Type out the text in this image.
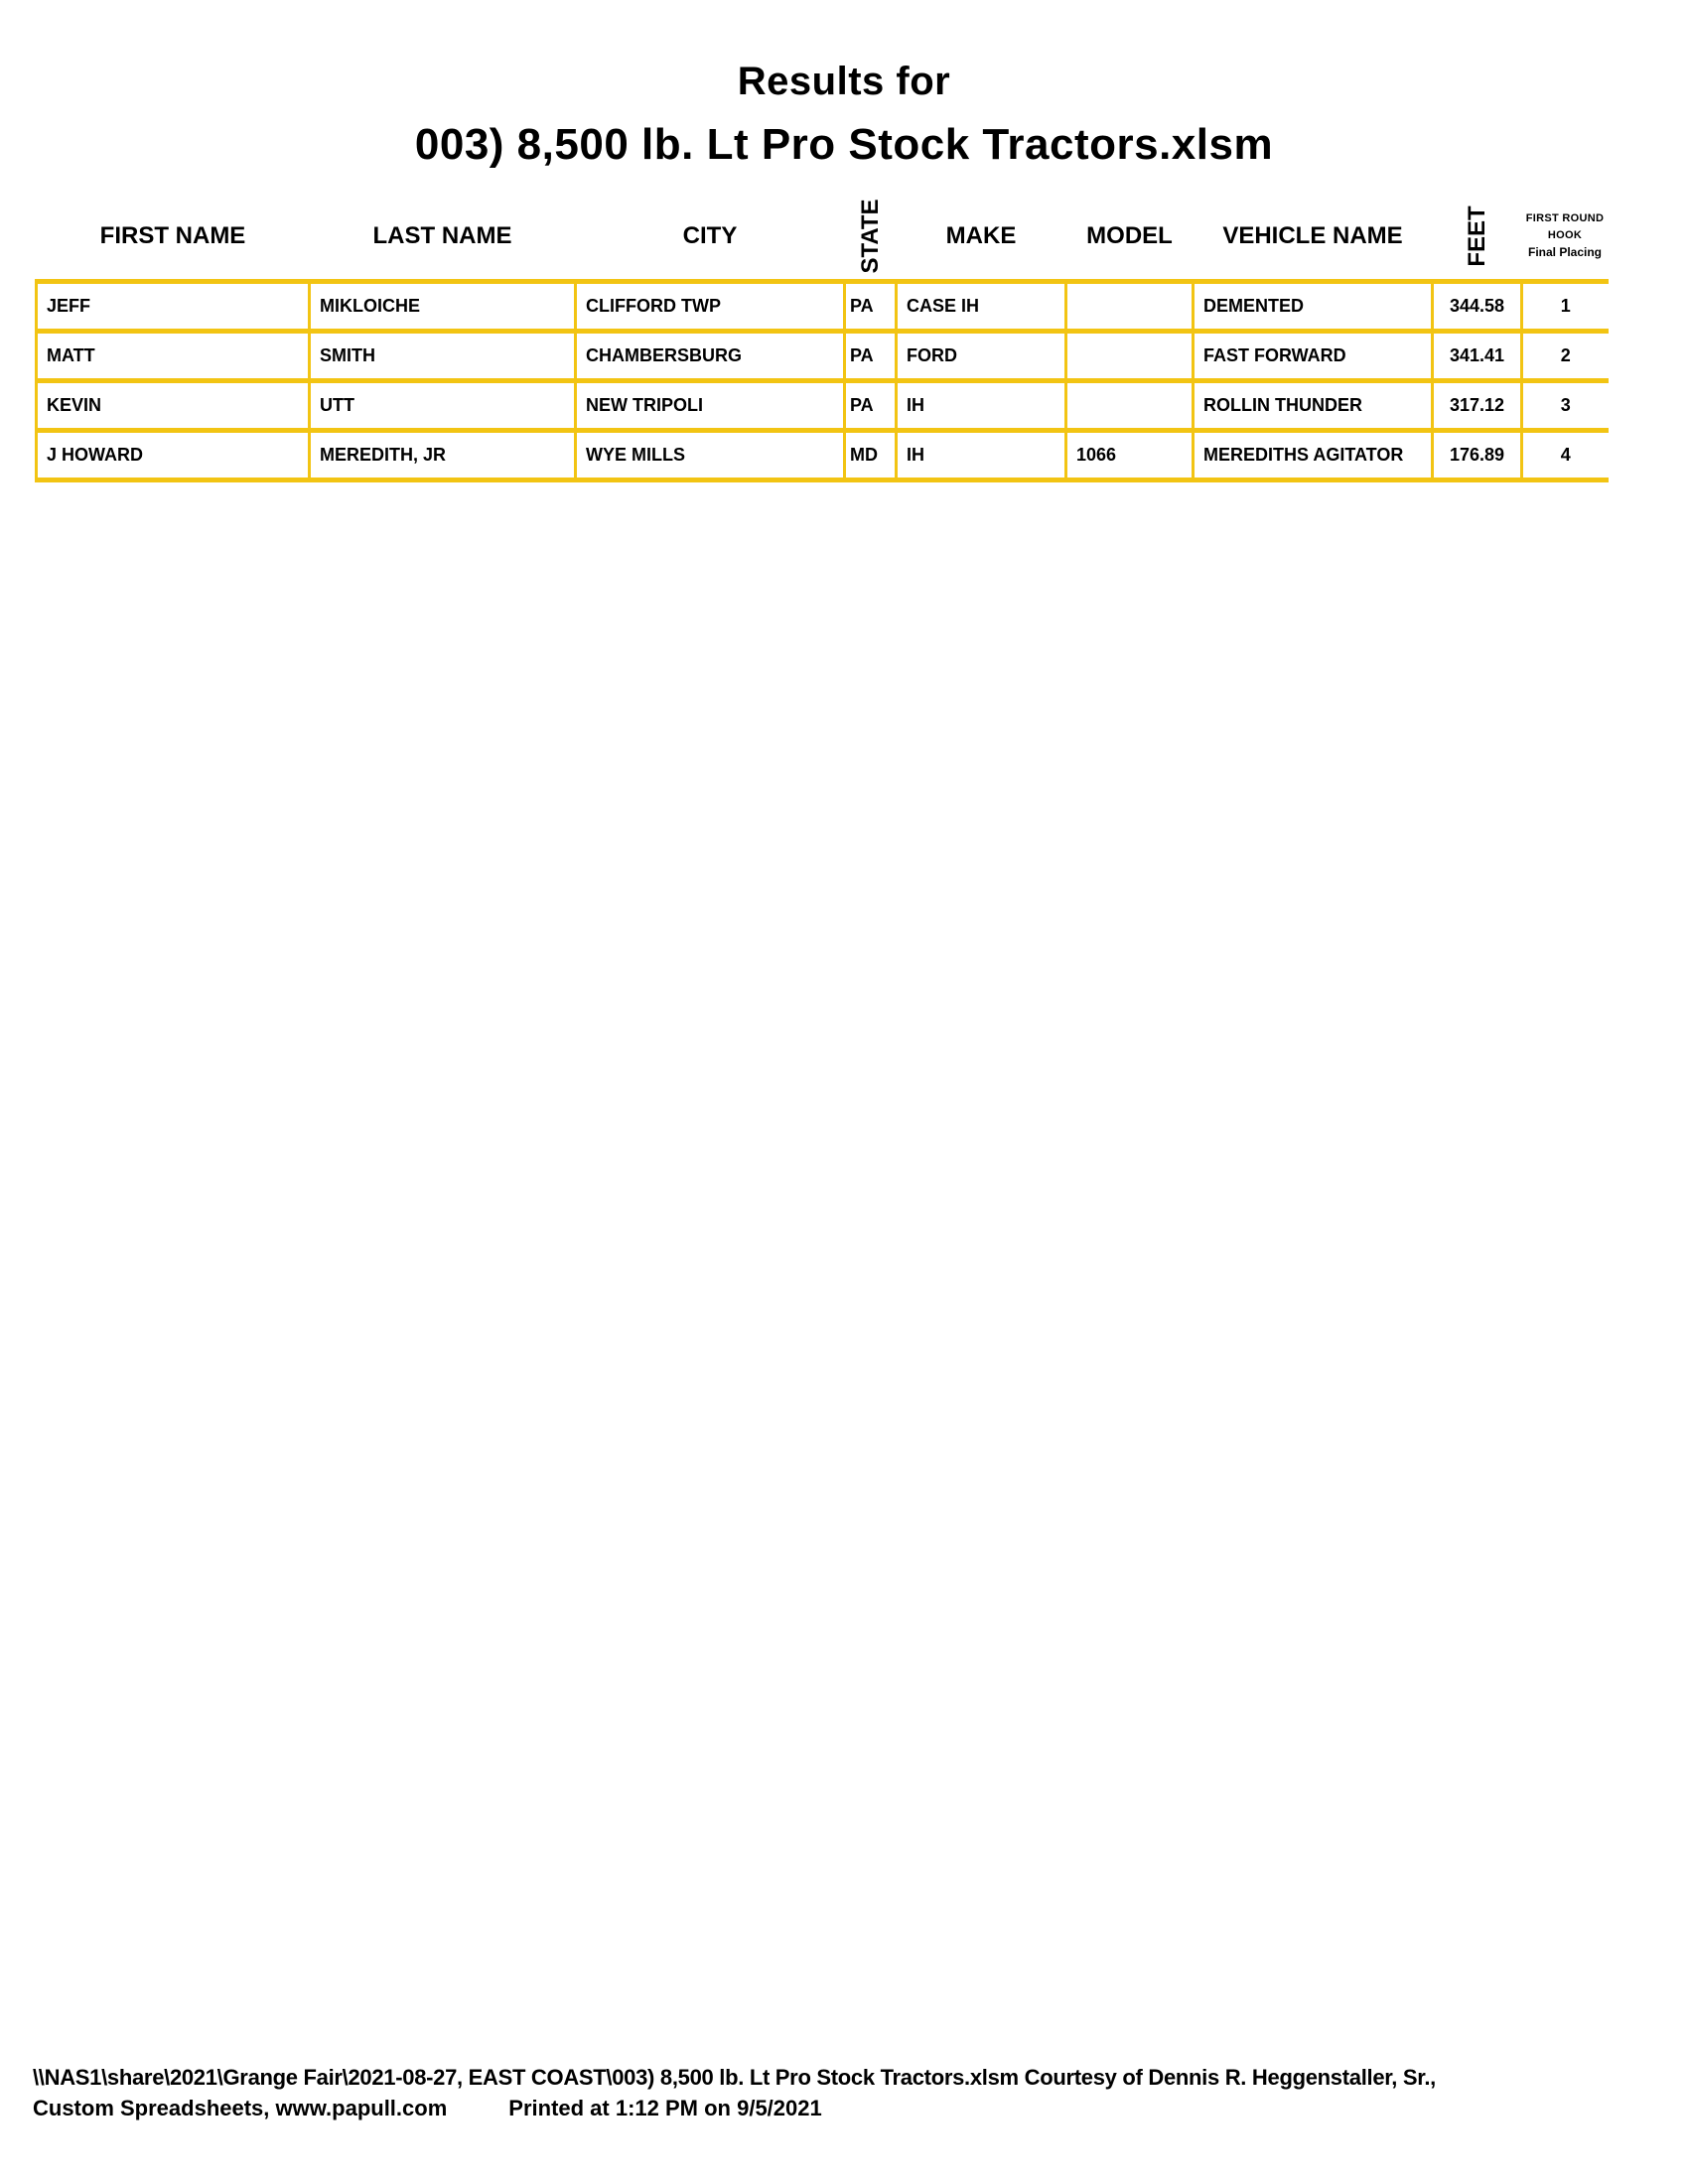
Results for
003) 8,500 lb. Lt Pro Stock Tractors.xlsm
FIRST NAME	LAST NAME	CITY	STATE	MAKE	MODEL	VEHICLE NAME	FEET	FIRST ROUND
HOOK
Final Placing

JEFF	MIKLOICHE	CLIFFORD TWP	PA	CASE IH		DEMENTED	344.58	1
MATT	SMITH	CHAMBERSBURG	PA	FORD		FAST FORWARD	341.41	2
KEVIN	UTT	NEW TRIPOLI	PA	IH		ROLLIN THUNDER	317.12	3
J HOWARD	MEREDITH, JR	WYE MILLS	MD	IH	1066	MEREDITHS AGITATOR	176.89	4
\\NAS1\share\2021\Grange Fair\2021-08-27, EAST COAST\003) 8,500 lb. Lt Pro Stock Tractors.xlsm Courtesy of Dennis R. Heggenstaller, Sr.,
Custom Spreadsheets, www.papull.com	Printed at 1:12 PM on 9/5/2021
